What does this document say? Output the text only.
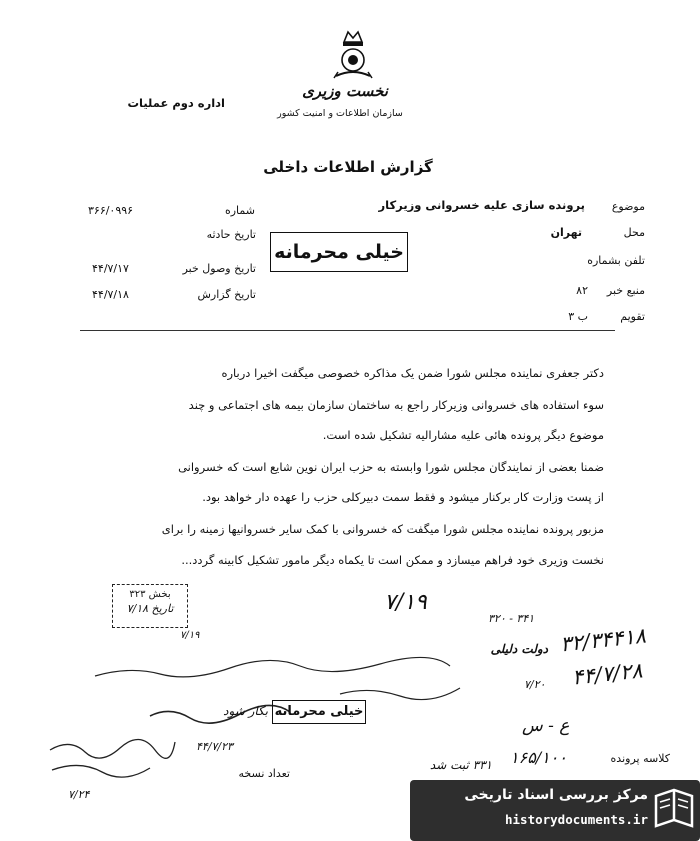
نخست وزیری
سازمان اطلاعات و امنیت کشور
اداره دوم عملیات
گزارش اطلاعات داخلی
موضوع
پرونده سازی علیه خسروانی وزیرکار
محل
تهران
تلفن بشماره
منبع خبر
۸۲
تقویم
ب ۳
شماره
۳۶۶/۰۹۹۶
تاریخ حادثه
تاریخ وصول خبر
۴۴/۷/۱۷
تاریخ گزارش
۴۴/۷/۱۸
خیلی محرمانه
دکتر جعفری نماینده مجلس شورا ضمن یک مذاکره خصوصی میگفت اخیرا درباره
سوء استفاده های خسروانی وزیرکار راجع به ساختمان سازمان بیمه های اجتماعی و چند
موضوع دیگر پرونده هائی علیه مشارالیه تشکیل شده است.
ضمنا بعضی از نمایندگان مجلس شورا وابسته به حزب ایران نوین شایع است که خسروانی
از پست وزارت کار برکنار میشود و فقط سمت دبیرکلی حزب را عهده دار خواهد بود.
مزبور پرونده نماینده مجلس شورا میگفت که خسروانی با کمک سایر خسروانیها زمینه را برای
نخست وزیری خود فراهم میسازد و ممکن است تا یکماه دیگر مامور تشکیل کابینه گردد...
بخش ۳۲۳
تاریخ ۷/۱۸
۷/۱۹
۷/۱۹
۳۲۰ - ۳۴۱
دولت دلیلی ۳۲/۳۴۴۱۸
۴۴/۷/۲۸
۷/۲۰
خیلی محرمانه
بکار شود
۴۴/۷/۲۳
ع - س
۷/۲۴
تعداد نسخه
کلاسه پرونده
۱۶۵/۱۰۰
۳۳۱ ثبت شد
مرکز بررسی اسناد تاریخی
historydocuments.ir
